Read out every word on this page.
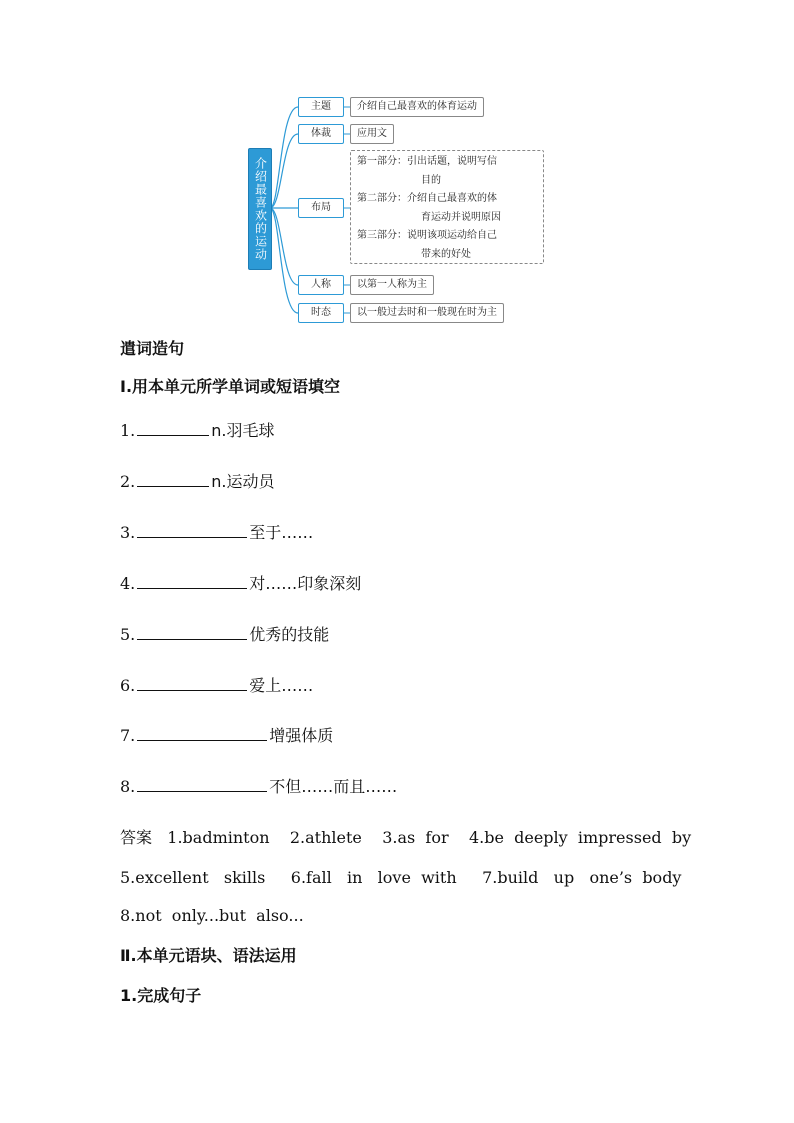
介绍最喜欢的运动
主题	介绍自己最喜欢的体育运动
体裁	应用文
布局
第一部分：引出话题，说明写信
目的
第二部分：介绍自己最喜欢的体
育运动并说明原因
第三部分：说明该项运动给自己
带来的好处
人称	以第一人称为主
时态	以一般过去时和一般现在时为主
遣词造句
Ⅰ.用本单元所学单词或短语填空
1.	n.羽毛球
2.	n.运动员
3.	至于……
4.	对……印象深刻
5.	优秀的技能
6.	爱上……
7.	增强体质
8.	不但……而且……
答案   1.badminton    2.athlete    3.as  for    4.be  deeply  impressed  by
5.excellent   skills     6.fall   in   love  with     7.build   up   one’s  body
8.not  only...but  also...
Ⅱ.本单元语块、语法运用
1.完成句子
